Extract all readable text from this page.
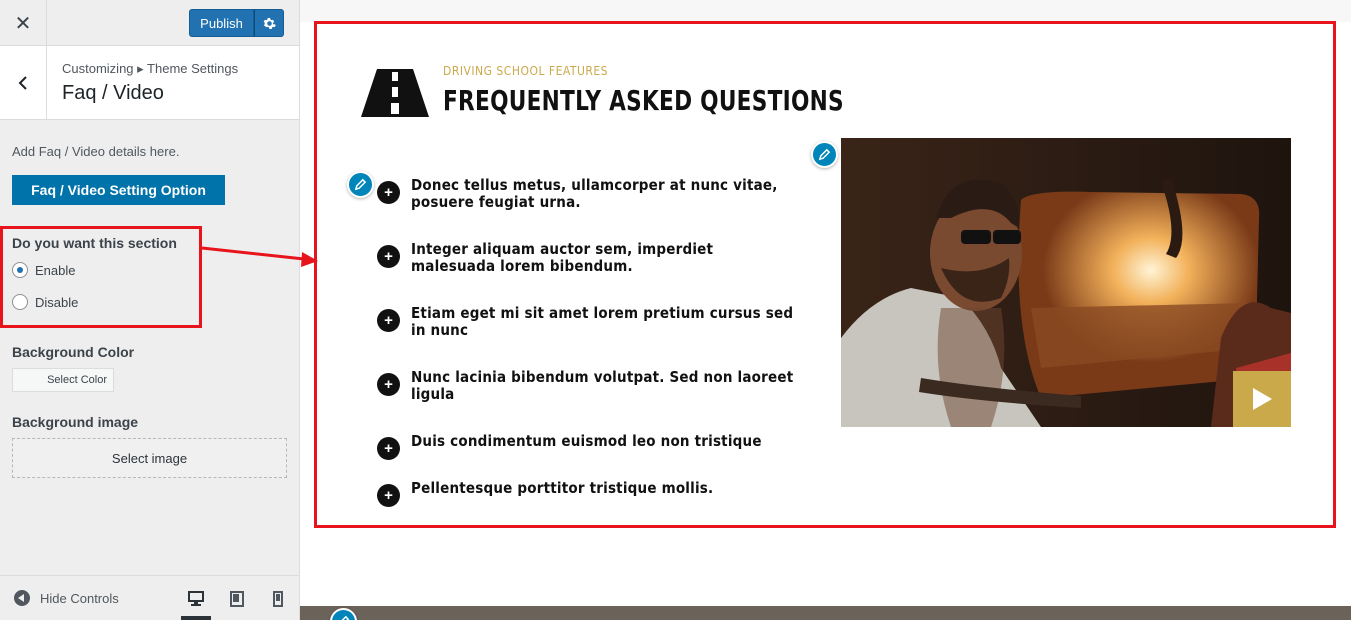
✕	Publish
Customizing ▸ Theme Settings
Faq / Video
Add Faq / Video details here.
Faq / Video Setting Option
Do you want this section
Enable
Disable
Background Color
Select Color
Background image
Select image
Hide Controls
DRIVING SCHOOL FEATURES
FREQUENTLY ASKED QUESTIONS
+	Donec tellus metus, ullamcorper at nunc vitae, posuere feugiat urna.
+	Integer aliquam auctor sem, imperdiet malesuada lorem bibendum.
+	Etiam eget mi sit amet lorem pretium cursus sed in nunc
+	Nunc lacinia bibendum volutpat. Sed non laoreet ligula
+	Duis condimentum euismod leo non tristique
+	Pellentesque porttitor tristique mollis.
